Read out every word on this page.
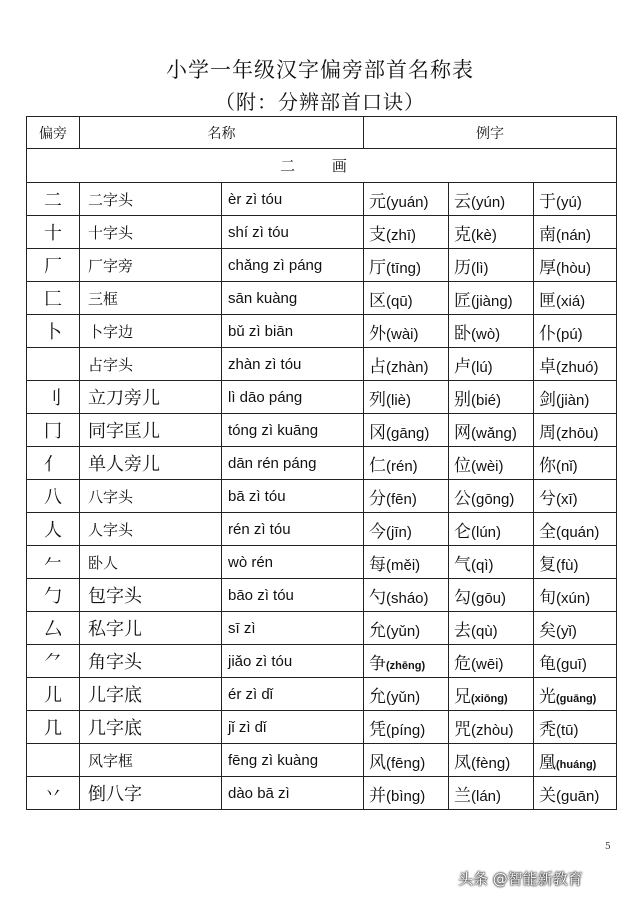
小学一年级汉字偏旁部首名称表
（附：分辨部首口诀）
偏旁	名称		例字		
二 画					
二	二字头	èr zì tóu	元(yuán)	云(yún)	于(yú)
十	十字头	shí zì tóu	支(zhī)	克(kè)	南(nán)
厂	厂字旁	chǎng zì páng	厅(tīng)	历(lì)	厚(hòu)
匚	三框	sān kuàng	区(qū)	匠(jiàng)	匣(xiá)
卜	卜字边	bǔ zì biān	外(wài)	卧(wò)	仆(pú)
	占字头	zhàn zì tóu	占(zhàn)	卢(lú)	卓(zhuó)
刂	立刀旁儿	lì dāo páng	列(liè)	别(bié)	剑(jiàn)
冂	同字匡儿	tóng zì kuāng	冈(gāng)	网(wǎng)	周(zhōu)
亻	单人旁儿	dān rén páng	仁(rén)	位(wèi)	你(nǐ)
八	八字头	bā zì tóu	分(fēn)	公(gōng)	兮(xī)
人	人字头	rén zì tóu	今(jīn)	仑(lún)	全(quán)
𠂉	卧人	wò rén	每(měi)	气(qì)	复(fù)
勹	包字头	bāo zì tóu	勺(sháo)	勾(gōu)	旬(xún)
厶	私字儿	sī zì	允(yǔn)	去(qù)	矣(yǐ)
⺈	角字头	jiǎo zì tóu	争(zhēng)	危(wēi)	龟(guī)
儿	儿字底	ér zì dǐ	允(yǔn)	兄(xiōng)	光(guāng)
几	几字底	jǐ zì dǐ	凭(píng)	咒(zhòu)	秃(tū)
	风字框	fēng zì kuàng	风(fēng)	凤(fèng)	凰(huáng)
丷	倒八字	dào bā zì	并(bìng)	兰(lán)	关(guān)
5
头条 @智能新教育
